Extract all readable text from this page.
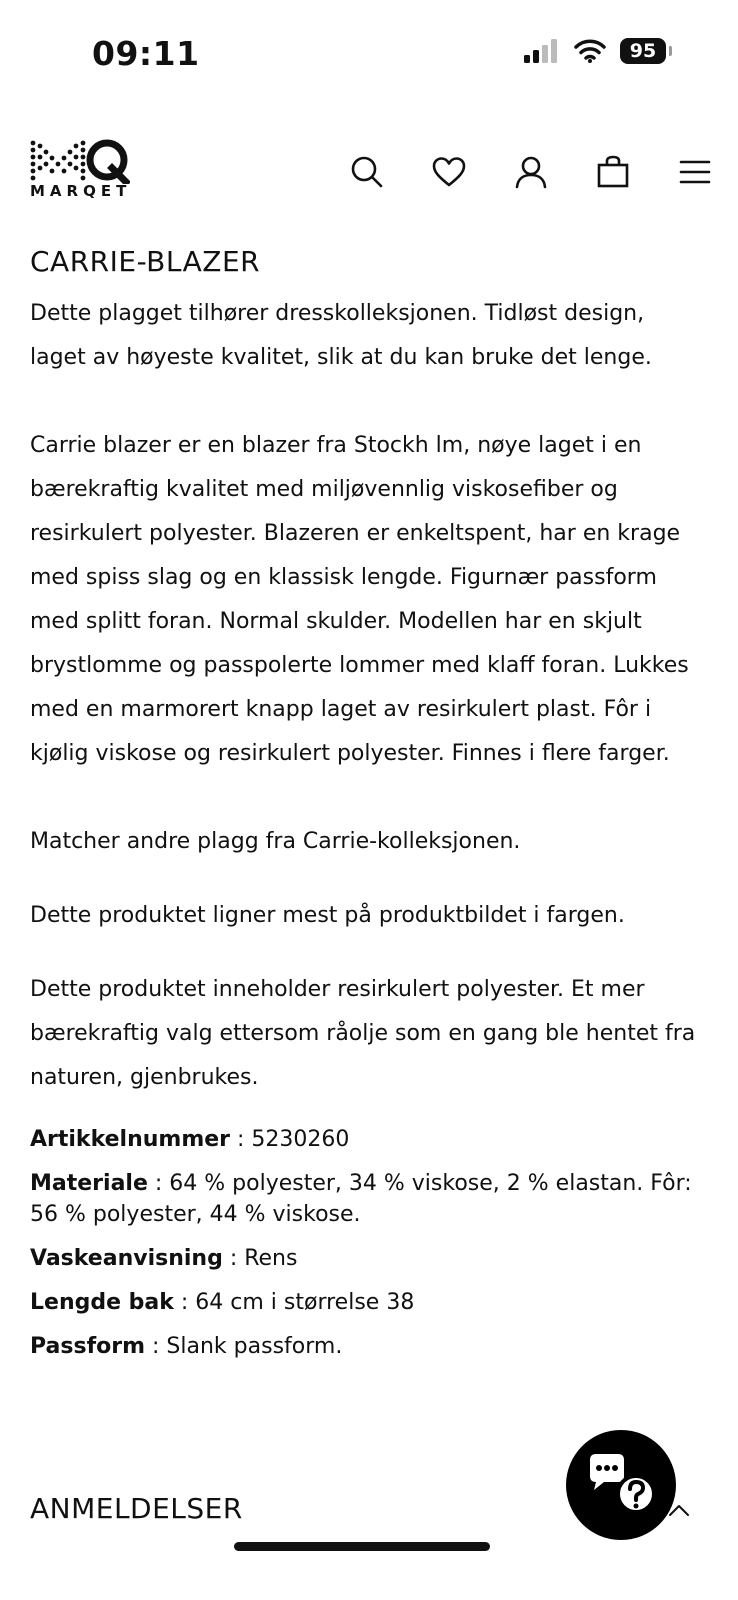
09:11	95
MARQET
CARRIE-BLAZER

Dette plagget tilhører dresskolleksjonen. Tidløst design, laget av høyeste kvalitet, slik at du kan bruke det lenge.

Carrie blazer er en blazer fra Stockh lm, nøye laget i en bærekraftig kvalitet med miljøvennlig viskosefiber og resirkulert polyester. Blazeren er enkeltspent, har en krage med spiss slag og en klassisk lengde. Figurnær passform med splitt foran. Normal skulder. Modellen har en skjult brystlomme og passpolerte lommer med klaff foran. Lukkes med en marmorert knapp laget av resirkulert plast. Fôr i kjølig viskose og resirkulert polyester. Finnes i flere farger.

Matcher andre plagg fra Carrie-kolleksjonen.

Dette produktet ligner mest på produktbildet i fargen.

Dette produktet inneholder resirkulert polyester. Et mer bærekraftig valg ettersom råolje som en gang ble hentet fra naturen, gjenbrukes.

Artikkelnummer : 5230260

Materiale : 64 % polyester, 34 % viskose, 2 % elastan. Fôr: 56 % polyester, 44 % viskose.

Vaskeanvisning : Rens

Lengde bak : 64 cm i størrelse 38

Passform : Slank passform.

ANMELDELSER
